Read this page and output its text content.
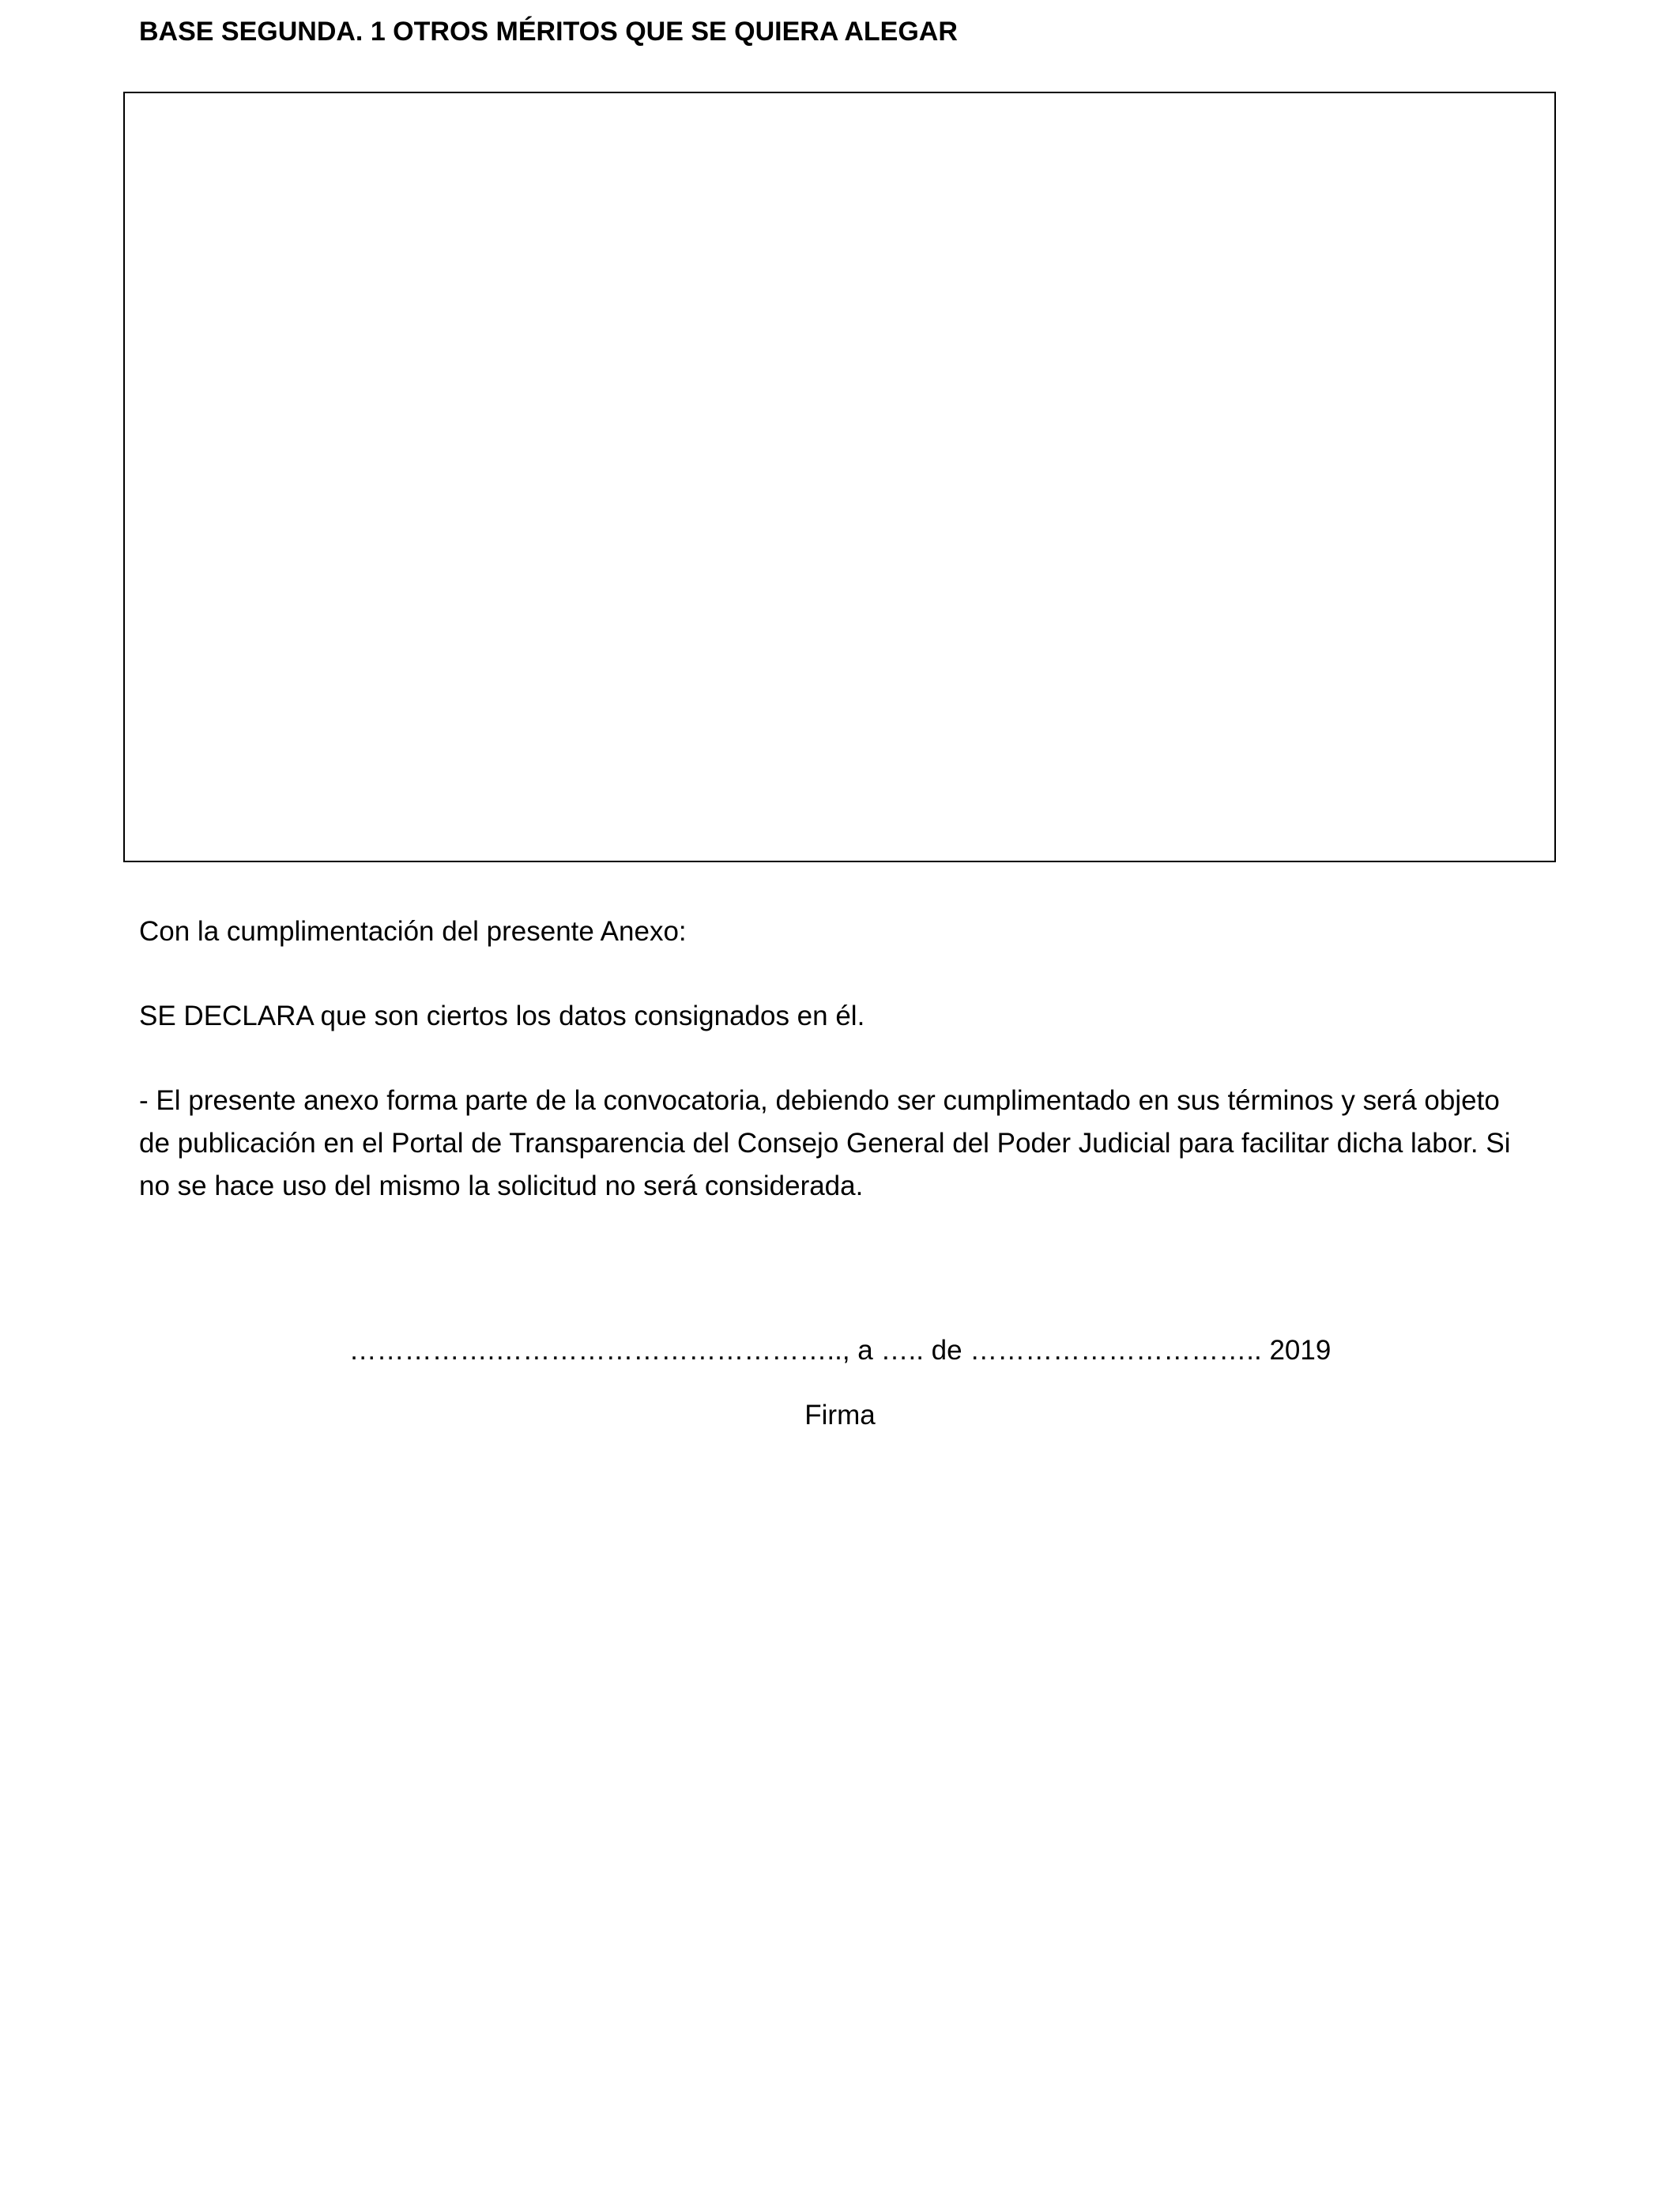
BASE SEGUNDA. 1 OTROS MÉRITOS QUE SE QUIERA ALEGAR
Con la cumplimentación del presente Anexo:
SE DECLARA que son ciertos los datos consignados en él.
- El presente anexo forma parte de la convocatoria, debiendo ser cumplimentado en sus términos y será objeto
de publicación en el Portal de Transparencia del Consejo General del Poder Judicial para facilitar dicha labor. Si
no se hace uso del mismo la solicitud no será considerada.
…………….……………………………….., a ….. de ………………………….. 2019
Firma
